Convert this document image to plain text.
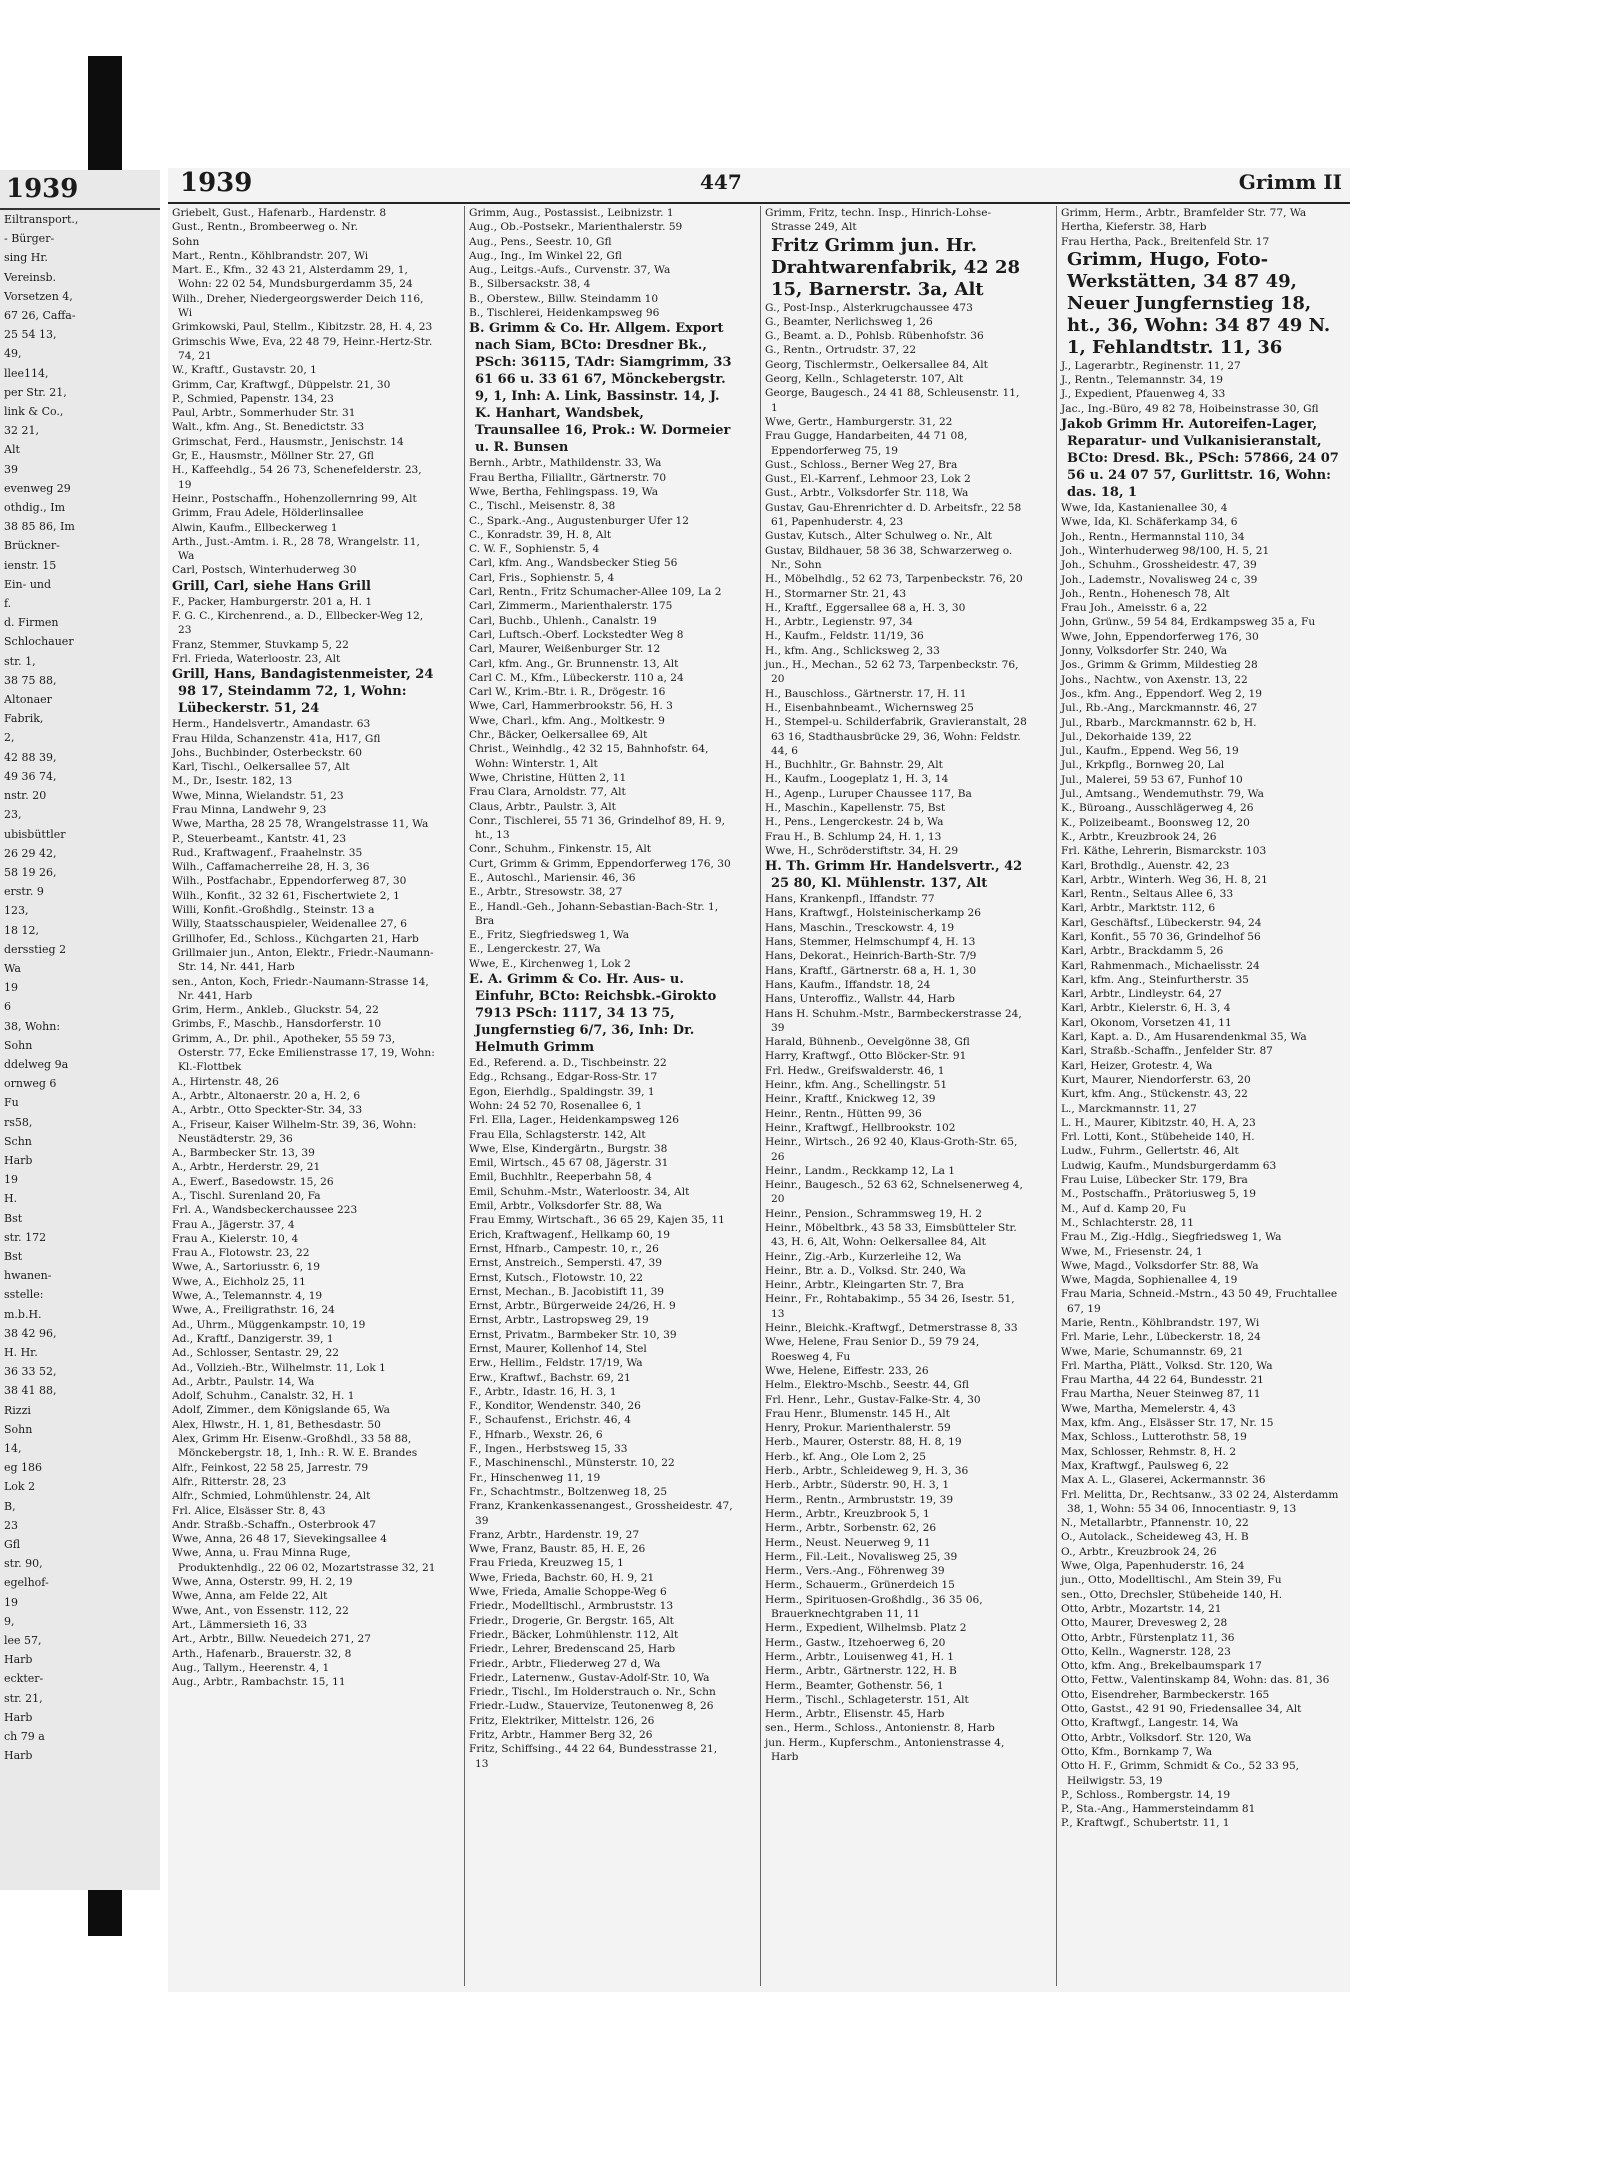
1939
Eiltransport.,
- Bürger-
sing Hr.
Vereinsb.
Vorsetzen 4,
67 26, Caffa-
25 54 13,
49,
llee114,
per Str. 21,
link & Co.,
32 21,
Alt
39
evenweg 29
othdig., Im
38 85 86, Im
Brückner-
ienstr. 15
Ein- und
f.
d. Firmen
Schlochauer
str. 1,
38 75 88,
Altonaer
Fabrik,
2,
42 88 39,
49 36 74,
nstr. 20
23,
ubisbüttler
26 29 42,
58 19 26,
erstr. 9
123,
18 12,
dersstieg 2
Wa
19
6
38, Wohn:
Sohn
ddelweg 9a
ornweg 6
Fu
rs58,
Schn
Harb
19
H.
Bst
str. 172
Bst
hwanen-
sstelle:
m.b.H.
38 42 96,
H. Hr.
36 33 52,
38 41 88,
Rizzi
Sohn
14,
eg 186
Lok 2
B,
23
Gfl
str. 90,
egelhof-
19
9,
lee 57,
Harb
eckter-
str. 21,
Harb
ch 79 a
Harb
1939	447	Grimm II
Griebelt, Gust., Hafenarb., Hardenstr. 8
Gust., Rentn., Brombeerweg o. Nr.
Sohn
Mart., Rentn., Köhlbrandstr. 207, Wi
Mart. E., Kfm., 32 43 21, Alsterdamm 29, 1, Wohn: 22 02 54, Mundsburgerdamm 35, 24
Wilh., Dreher, Niedergeorgswerder Deich 116, Wi
Grimkowski, Paul, Stellm., Kibitzstr. 28, H. 4, 23
Grimschis Wwe, Eva, 22 48 79, Heinr.-Hertz-Str. 74, 21
W., Kraftf., Gustavstr. 20, 1
Grimm, Car, Kraftwgf., Düppelstr. 21, 30
P., Schmied, Papenstr. 134, 23
Paul, Arbtr., Sommerhuder Str. 31
Walt., kfm. Ang., St. Benedictstr. 33
Grimschat, Ferd., Hausmstr., Jenischstr. 14
Gr, E., Hausmstr., Möllner Str. 27, Gfl
H., Kaffeehdlg., 54 26 73, Schenefelderstr. 23, 19
Heinr., Postschaffn., Hohenzollernring 99, Alt
Grimm, Frau Adele, Hölderlinsallee
Alwin, Kaufm., Ellbeckerweg 1
Arth., Just.-Amtm. i. R., 28 78, Wrangelstr. 11, Wa
Carl, Postsch, Winterhuderweg 30
Grill, Carl, siehe Hans Grill
F., Packer, Hamburgerstr. 201 a, H. 1
F. G. C., Kirchenrend., a. D., Ellbecker-Weg 12, 23
Franz, Stemmer, Stuvkamp 5, 22
Frl. Frieda, Waterloostr. 23, Alt
Grill, Hans, Bandagistenmeister, 24 98 17, Steindamm 72, 1, Wohn: Lübeckerstr. 51, 24
Herm., Handelsvertr., Amandastr. 63
Frau Hilda, Schanzenstr. 41a, H17, Gfl
Johs., Buchbinder, Osterbeckstr. 60
Karl, Tischl., Oelkersallee 57, Alt
M., Dr., Isestr. 182, 13
Wwe, Minna, Wielandstr. 51, 23
Frau Minna, Landwehr 9, 23
Wwe, Martha, 28 25 78, Wrangelstrasse 11, Wa
P., Steuerbeamt., Kantstr. 41, 23
Rud., Kraftwagenf., Fraahelnstr. 35
Wilh., Caffamacherreihe 28, H. 3, 36
Wilh., Postfachabr., Eppendorferweg 87, 30
Wilh., Konfit., 32 32 61, Fischertwiete 2, 1
Willi, Konfit.-Großhdlg., Steinstr. 13 a
Willy, Staatsschauspieler, Weidenallee 27, 6
Grillhofer, Ed., Schloss., Küchgarten 21, Harb
Grillmaier jun., Anton, Elektr., Friedr.-Naumann-Str. 14, Nr. 441, Harb
sen., Anton, Koch, Friedr.-Naumann-Strasse 14, Nr. 441, Harb
Grim, Herm., Ankleb., Gluckstr. 54, 22
Grimbs, F., Maschb., Hansdorferstr. 10
Grimm, A., Dr. phil., Apotheker, 55 59 73, Osterstr. 77, Ecke Emilienstrasse 17, 19, Wohn: Kl.-Flottbek
A., Hirtenstr. 48, 26
A., Arbtr., Altonaerstr. 20 a, H. 2, 6
A., Arbtr., Otto Speckter-Str. 34, 33
A., Friseur, Kaiser Wilhelm-Str. 39, 36, Wohn: Neustädterstr. 29, 36
A., Barmbecker Str. 13, 39
A., Arbtr., Herderstr. 29, 21
A., Ewerf., Basedowstr. 15, 26
A., Tischl. Surenland 20, Fa
Frl. A., Wandsbeckerchaussee 223
Frau A., Jägerstr. 37, 4
Frau A., Kielerstr. 10, 4
Frau A., Flotowstr. 23, 22
Wwe, A., Sartoriusstr. 6, 19
Wwe, A., Eichholz 25, 11
Wwe, A., Telemannstr. 4, 19
Wwe, A., Freiligrathstr. 16, 24
Ad., Uhrm., Müggenkampstr. 10, 19
Ad., Kraftf., Danzigerstr. 39, 1
Ad., Schlosser, Sentastr. 29, 22
Ad., Vollzieh.-Btr., Wilhelmstr. 11, Lok 1
Ad., Arbtr., Paulstr. 14, Wa
Adolf, Schuhm., Canalstr. 32, H. 1
Adolf, Zimmer., dem Königslande 65, Wa
Alex, Hlwstr., H. 1, 81, Bethesdastr. 50
Alex, Grimm Hr. Eisenw.-Großhdl., 33 58 88, Mönckebergstr. 18, 1, Inh.: R. W. E. Brandes
Alfr., Feinkost, 22 58 25, Jarrestr. 79
Alfr., Ritterstr. 28, 23
Alfr., Schmied, Lohmühlenstr. 24, Alt
Frl. Alice, Elsässer Str. 8, 43
Andr. Straßb.-Schaffn., Osterbrook 47
Wwe, Anna, 26 48 17, Sievekingsallee 4
Wwe, Anna, u. Frau Minna Ruge, Produktenhdlg., 22 06 02, Mozartstrasse 32, 21
Wwe, Anna, Osterstr. 99, H. 2, 19
Wwe, Anna, am Felde 22, Alt
Wwe, Ant., von Essenstr. 112, 22
Art., Lämmersieth 16, 33
Art., Arbtr., Billw. Neuedeich 271, 27
Arth., Hafenarb., Brauerstr. 32, 8
Aug., Tallym., Heerenstr. 4, 1
Aug., Arbtr., Rambachstr. 15, 11
Grimm, Aug., Postassist., Leibnizstr. 1
Aug., Ob.-Postsekr., Marienthalerstr. 59
Aug., Pens., Seestr. 10, Gfl
Aug., Ing., Im Winkel 22, Gfl
Aug., Leitgs.-Aufs., Curvenstr. 37, Wa
B., Silbersackstr. 38, 4
B., Oberstew., Billw. Steindamm 10
B., Tischlerei, Heidenkampsweg 96
B. Grimm & Co. Hr. Allgem. Export nach Siam, BCto: Dresdner Bk., PSch: 36115, TAdr: Siamgrimm, 33 61 66 u. 33 61 67, Mönckebergstr. 9, 1, Inh: A. Link, Bassinstr. 14, J. K. Hanhart, Wandsbek, Traunsallee 16, Prok.: W. Dormeier u. R. Bunsen
Bernh., Arbtr., Mathildenstr. 33, Wa
Frau Bertha, Filialltr., Gärtnerstr. 70
Wwe, Bertha, Fehlingspass. 19, Wa
C., Tischl., Meisenstr. 8, 38
C., Spark.-Ang., Augustenburger Ufer 12
C., Konradstr. 39, H. 8, Alt
C. W. F., Sophienstr. 5, 4
Carl, kfm. Ang., Wandsbecker Stieg 56
Carl, Fris., Sophienstr. 5, 4
Carl, Rentn., Fritz Schumacher-Allee 109, La 2
Carl, Zimmerm., Marienthalerstr. 175
Carl, Buchb., Uhlenh., Canalstr. 19
Carl, Luftsch.-Oberf. Lockstedter Weg 8
Carl, Maurer, Weißenburger Str. 12
Carl, kfm. Ang., Gr. Brunnenstr. 13, Alt
Carl C. M., Kfm., Lübeckerstr. 110 a, 24
Carl W., Krim.-Btr. i. R., Drögestr. 16
Wwe, Carl, Hammerbrookstr. 56, H. 3
Wwe, Charl., kfm. Ang., Moltkestr. 9
Chr., Bäcker, Oelkersallee 69, Alt
Christ., Weinhdlg., 42 32 15, Bahnhofstr. 64, Wohn: Winterstr. 1, Alt
Wwe, Christine, Hütten 2, 11
Frau Clara, Arnoldstr. 77, Alt
Claus, Arbtr., Paulstr. 3, Alt
Conr., Tischlerei, 55 71 36, Grindelhof 89, H. 9, ht., 13
Conr., Schuhm., Finkenstr. 15, Alt
Curt, Grimm & Grimm, Eppendorferweg 176, 30
E., Autoschl., Mariensir. 46, 36
E., Arbtr., Stresowstr. 38, 27
E., Handl.-Geh., Johann-Sebastian-Bach-Str. 1, Bra
E., Fritz, Siegfriedsweg 1, Wa
E., Lengerckestr. 27, Wa
Wwe, E., Kirchenweg 1, Lok 2
E. A. Grimm & Co. Hr. Aus- u. Einfuhr, BCto: Reichsbk.-Girokto 7913 PSch: 1117, 34 13 75, Jungfernstieg 6/7, 36, Inh: Dr. Helmuth Grimm
Ed., Referend. a. D., Tischbeinstr. 22
Edg., Rchsang., Edgar-Ross-Str. 17
Egon, Eierhdlg., Spaldingstr. 39, 1
Wohn: 24 52 70, Rosenallee 6, 1
Frl. Ella, Lager., Heidenkampsweg 126
Frau Ella, Schlagsterstr. 142, Alt
Wwe, Else, Kindergärtn., Burgstr. 38
Emil, Wirtsch., 45 67 08, Jägerstr. 31
Emil, Buchhltr., Reeperbahn 58, 4
Emil, Schuhm.-Mstr., Waterloostr. 34, Alt
Emil, Arbtr., Volksdorfer Str. 88, Wa
Frau Emmy, Wirtschaft., 36 65 29, Kajen 35, 11
Erich, Kraftwagenf., Hellkamp 60, 19
Ernst, Hfnarb., Campestr. 10, r., 26
Ernst, Anstreich., Sempersti. 47, 39
Ernst, Kutsch., Flotowstr. 10, 22
Ernst, Mechan., B. Jacobistift 11, 39
Ernst, Arbtr., Bürgerweide 24/26, H. 9
Ernst, Arbtr., Lastropsweg 29, 19
Ernst, Privatm., Barmbeker Str. 10, 39
Ernst, Maurer, Kollenhof 14, Stel
Erw., Hellim., Feldstr. 17/19, Wa
Erw., Kraftwf., Bachstr. 69, 21
F., Arbtr., Idastr. 16, H. 3, 1
F., Konditor, Wendenstr. 340, 26
F., Schaufenst., Erichstr. 46, 4
F., Hfnarb., Wexstr. 26, 6
F., Ingen., Herbstsweg 15, 33
F., Maschinenschl., Münsterstr. 10, 22
Fr., Hinschenweg 11, 19
Fr., Schachtmstr., Boltzenweg 18, 25
Franz, Krankenkassenangest., Grossheidestr. 47, 39
Franz, Arbtr., Hardenstr. 19, 27
Wwe, Franz, Baustr. 85, H. E, 26
Frau Frieda, Kreuzweg 15, 1
Wwe, Frieda, Bachstr. 60, H. 9, 21
Wwe, Frieda, Amalie Schoppe-Weg 6
Friedr., Modelltischl., Armbruststr. 13
Friedr., Drogerie, Gr. Bergstr. 165, Alt
Friedr., Bäcker, Lohmühlenstr. 112, Alt
Friedr., Lehrer, Bredenscand 25, Harb
Friedr., Arbtr., Fliederweg 27 d, Wa
Friedr., Laternenw., Gustav-Adolf-Str. 10, Wa
Friedr., Tischl., Im Holderstrauch o. Nr., Schn
Friedr.-Ludw., Stauervize, Teutonenweg 8, 26
Fritz, Elektriker, Mittelstr. 126, 26
Fritz, Arbtr., Hammer Berg 32, 26
Fritz, Schiffsing., 44 22 64, Bundesstrasse 21, 13
Grimm, Fritz, techn. Insp., Hinrich-Lohse-Strasse 249, Alt
Fritz Grimm jun. Hr. Drahtwarenfabrik, 42 28 15, Barnerstr. 3a, Alt
G., Post-Insp., Alsterkrugchaussee 473
G., Beamter, Nerlichsweg 1, 26
G., Beamt. a. D., Pohlsb. Rübenhofstr. 36
G., Rentn., Ortrudstr. 37, 22
Georg, Tischlermstr., Oelkersallee 84, Alt
Georg, Kelln., Schlageterstr. 107, Alt
George, Baugesch., 24 41 88, Schleusenstr. 11, 1
Wwe, Gertr., Hamburgerstr. 31, 22
Frau Gugge, Handarbeiten, 44 71 08, Eppendorferweg 75, 19
Gust., Schloss., Berner Weg 27, Bra
Gust., El.-Karrenf., Lehmoor 23, Lok 2
Gust., Arbtr., Volksdorfer Str. 118, Wa
Gustav, Gau-Ehrenrichter d. D. Arbeitsfr., 22 58 61, Papenhuderstr. 4, 23
Gustav, Kutsch., Alter Schulweg o. Nr., Alt
Gustav, Bildhauer, 58 36 38, Schwarzerweg o. Nr., Sohn
H., Möbelhdlg., 52 62 73, Tarpenbeckstr. 76, 20
H., Stormarner Str. 21, 43
H., Kraftf., Eggersallee 68 a, H. 3, 30
H., Arbtr., Legienstr. 97, 34
H., Kaufm., Feldstr. 11/19, 36
H., kfm. Ang., Schlicksweg 2, 33
jun., H., Mechan., 52 62 73, Tarpenbeckstr. 76, 20
H., Bauschloss., Gärtnerstr. 17, H. 11
H., Eisenbahnbeamt., Wichernsweg 25
H., Stempel-u. Schilderfabrik, Gravieranstalt, 28 63 16, Stadthausbrücke 29, 36, Wohn: Feldstr. 44, 6
H., Buchhltr., Gr. Bahnstr. 29, Alt
H., Kaufm., Loogeplatz 1, H. 3, 14
H., Agenp., Luruper Chaussee 117, Ba
H., Maschin., Kapellenstr. 75, Bst
H., Pens., Lengerckestr. 24 b, Wa
Frau H., B. Schlump 24, H. 1, 13
Wwe, H., Schröderstiftstr. 34, H. 29
H. Th. Grimm Hr. Handelsvertr., 42 25 80, Kl. Mühlenstr. 137, Alt
Hans, Krankenpfl., Iffandstr. 77
Hans, Kraftwgf., Holsteinischerkamp 26
Hans, Maschin., Tresckowstr. 4, 19
Hans, Stemmer, Helmschumpf 4, H. 13
Hans, Dekorat., Heinrich-Barth-Str. 7/9
Hans, Kraftf., Gärtnerstr. 68 a, H. 1, 30
Hans, Kaufm., Iffandstr. 18, 24
Hans, Unteroffiz., Wallstr. 44, Harb
Hans H. Schuhm.-Mstr., Barmbeckerstrasse 24, 39
Harald, Bühnenb., Oevelgönne 38, Gfl
Harry, Kraftwgf., Otto Blöcker-Str. 91
Frl. Hedw., Greifswalderstr. 46, 1
Heinr., kfm. Ang., Schellingstr. 51
Heinr., Kraftf., Knickweg 12, 39
Heinr., Rentn., Hütten 99, 36
Heinr., Kraftwgf., Hellbrookstr. 102
Heinr., Wirtsch., 26 92 40, Klaus-Groth-Str. 65, 26
Heinr., Landm., Reckkamp 12, La 1
Heinr., Baugesch., 52 63 62, Schnelsenerweg 4, 20
Heinr., Pension., Schrammsweg 19, H. 2
Heinr., Möbeltbrk., 43 58 33, Eimsbütteler Str. 43, H. 6, Alt, Wohn: Oelkersallee 84, Alt
Heinr., Zig.-Arb., Kurzerleihe 12, Wa
Heinr., Btr. a. D., Volksd. Str. 240, Wa
Heinr., Arbtr., Kleingarten Str. 7, Bra
Heinr., Fr., Rohtabakimp., 55 34 26, Isestr. 51, 13
Heinr., Bleichk.-Kraftwgf., Detmerstrasse 8, 33
Wwe, Helene, Frau Senior D., 59 79 24, Roesweg 4, Fu
Wwe, Helene, Eiffestr. 233, 26
Helm., Elektro-Mschb., Seestr. 44, Gfl
Frl. Henr., Lehr., Gustav-Falke-Str. 4, 30
Frau Henr., Blumenstr. 145 H., Alt
Henry, Prokur. Marienthalerstr. 59
Herb., Maurer, Osterstr. 88, H. 8, 19
Herb., kf. Ang., Ole Lom 2, 25
Herb., Arbtr., Schleideweg 9, H. 3, 36
Herb., Arbtr., Süderstr. 90, H. 3, 1
Herm., Rentn., Armbruststr. 19, 39
Herm., Arbtr., Kreuzbrook 5, 1
Herm., Arbtr., Sorbenstr. 62, 26
Herm., Neust. Neuerweg 9, 11
Herm., Fil.-Leit., Novalisweg 25, 39
Herm., Vers.-Ang., Föhrenweg 39
Herm., Schauerm., Grünerdeich 15
Herm., Spirituosen-Großhdlg., 36 35 06, Brauerknechtgraben 11, 11
Herm., Expedient, Wilhelmsb. Platz 2
Herm., Gastw., Itzehoerweg 6, 20
Herm., Arbtr., Louisenweg 41, H. 1
Herm., Arbtr., Gärtnerstr. 122, H. B
Herm., Beamter, Gothenstr. 56, 1
Herm., Tischl., Schlageterstr. 151, Alt
Herm., Arbtr., Elisenstr. 45, Harb
sen., Herm., Schloss., Antonienstr. 8, Harb
jun. Herm., Kupferschm., Antonienstrasse 4, Harb
Grimm, Herm., Arbtr., Bramfelder Str. 77, Wa
Hertha, Kieferstr. 38, Harb
Frau Hertha, Pack., Breitenfeld Str. 17
Grimm, Hugo, Foto-Werkstätten, 34 87 49, Neuer Jungfernstieg 18, ht., 36, Wohn: 34 87 49 N. 1, Fehlandtstr. 11, 36
J., Lagerarbtr., Reginenstr. 11, 27
J., Rentn., Telemannstr. 34, 19
J., Expedient, Pfauenweg 4, 33
Jac., Ing.-Büro, 49 82 78, Hoibeinstrasse 30, Gfl
Jakob Grimm Hr. Autoreifen-Lager, Reparatur- und Vulkanisieranstalt, BCto: Dresd. Bk., PSch: 57866, 24 07 56 u. 24 07 57, Gurlittstr. 16, Wohn: das. 18, 1
Wwe, Ida, Kastanienallee 30, 4
Wwe, Ida, Kl. Schäferkamp 34, 6
Joh., Rentn., Hermannstal 110, 34
Joh., Winterhuderweg 98/100, H. 5, 21
Joh., Schuhm., Grossheidestr. 47, 39
Joh., Lademstr., Novalisweg 24 c, 39
Joh., Rentn., Hohenesch 78, Alt
Frau Joh., Ameisstr. 6 a, 22
John, Grünw., 59 54 84, Erdkampsweg 35 a, Fu
Wwe, John, Eppendorferweg 176, 30
Jonny, Volksdorfer Str. 240, Wa
Jos., Grimm & Grimm, Mildestieg 28
Johs., Nachtw., von Axenstr. 13, 22
Jos., kfm. Ang., Eppendorf. Weg 2, 19
Jul., Rb.-Ang., Marckmannstr. 46, 27
Jul., Rbarb., Marckmannstr. 62 b, H.
Jul., Dekorhaide 139, 22
Jul., Kaufm., Eppend. Weg 56, 19
Jul., Krkpflg., Bornweg 20, Lal
Jul., Malerei, 59 53 67, Funhof 10
Jul., Amtsang., Wendemuthstr. 79, Wa
K., Büroang., Ausschlägerweg 4, 26
K., Polizeibeamt., Boonsweg 12, 20
K., Arbtr., Kreuzbrook 24, 26
Frl. Käthe, Lehrerin, Bismarckstr. 103
Karl, Brothdlg., Auenstr. 42, 23
Karl, Arbtr., Winterh. Weg 36, H. 8, 21
Karl, Rentn., Seltaus Allee 6, 33
Karl, Arbtr., Marktstr. 112, 6
Karl, Geschäftsf., Lübeckerstr. 94, 24
Karl, Konfit., 55 70 36, Grindelhof 56
Karl, Arbtr., Brackdamm 5, 26
Karl, Rahmenmach., Michaelisstr. 24
Karl, kfm. Ang., Steinfurtherstr. 35
Karl, Arbtr., Lindleystr. 64, 27
Karl, Arbtr., Kielerstr. 6, H. 3, 4
Karl, Okonom, Vorsetzen 41, 11
Karl, Kapt. a. D., Am Husarendenkmal 35, Wa
Karl, Straßb.-Schaffn., Jenfelder Str. 87
Karl, Heizer, Grotestr. 4, Wa
Kurt, Maurer, Niendorferstr. 63, 20
Kurt, kfm. Ang., Stückenstr. 43, 22
L., Marckmannstr. 11, 27
L. H., Maurer, Kibitzstr. 40, H. A, 23
Frl. Lotti, Kont., Stübeheide 140, H.
Ludw., Fuhrm., Gellertstr. 46, Alt
Ludwig, Kaufm., Mundsburgerdamm 63
Frau Luise, Lübecker Str. 179, Bra
M., Postschaffn., Prätoriusweg 5, 19
M., Auf d. Kamp 20, Fu
M., Schlachterstr. 28, 11
Frau M., Zig.-Hdlg., Siegfriedsweg 1, Wa
Wwe, M., Friesenstr. 24, 1
Wwe, Magd., Volksdorfer Str. 88, Wa
Wwe, Magda, Sophienallee 4, 19
Frau Maria, Schneid.-Mstrn., 43 50 49, Fruchtallee 67, 19
Marie, Rentn., Köhlbrandstr. 197, Wi
Frl. Marie, Lehr., Lübeckerstr. 18, 24
Wwe, Marie, Schumannstr. 69, 21
Frl. Martha, Plätt., Volksd. Str. 120, Wa
Frau Martha, 44 22 64, Bundesstr. 21
Frau Martha, Neuer Steinweg 87, 11
Wwe, Martha, Memelerstr. 4, 43
Max, kfm. Ang., Elsässer Str. 17, Nr. 15
Max, Schloss., Lutterothstr. 58, 19
Max, Schlosser, Rehmstr. 8, H. 2
Max, Kraftwgf., Paulsweg 6, 22
Max A. L., Glaserei, Ackermannstr. 36
Frl. Melitta, Dr., Rechtsanw., 33 02 24, Alsterdamm 38, 1, Wohn: 55 34 06, Innocentiastr. 9, 13
N., Metallarbtr., Pfannenstr. 10, 22
O., Autolack., Scheideweg 43, H. B
O., Arbtr., Kreuzbrook 24, 26
Wwe, Olga, Papenhuderstr. 16, 24
jun., Otto, Modelltischl., Am Stein 39, Fu
sen., Otto, Drechsler, Stübeheide 140, H.
Otto, Arbtr., Mozartstr. 14, 21
Otto, Maurer, Drevesweg 2, 28
Otto, Arbtr., Fürstenplatz 11, 36
Otto, Kelln., Wagnerstr. 128, 23
Otto, kfm. Ang., Brekelbaumspark 17
Otto, Fettw., Valentinskamp 84, Wohn: das. 81, 36
Otto, Eisendreher, Barmbeckerstr. 165
Otto, Gastst., 42 91 90, Friedensallee 34, Alt
Otto, Kraftwgf., Langestr. 14, Wa
Otto, Arbtr., Volksdorf. Str. 120, Wa
Otto, Kfm., Bornkamp 7, Wa
Otto H. F., Grimm, Schmidt & Co., 52 33 95, Heilwigstr. 53, 19
P., Schloss., Rombergstr. 14, 19
P., Sta.-Ang., Hammersteindamm 81
P., Kraftwgf., Schubertstr. 11, 1
